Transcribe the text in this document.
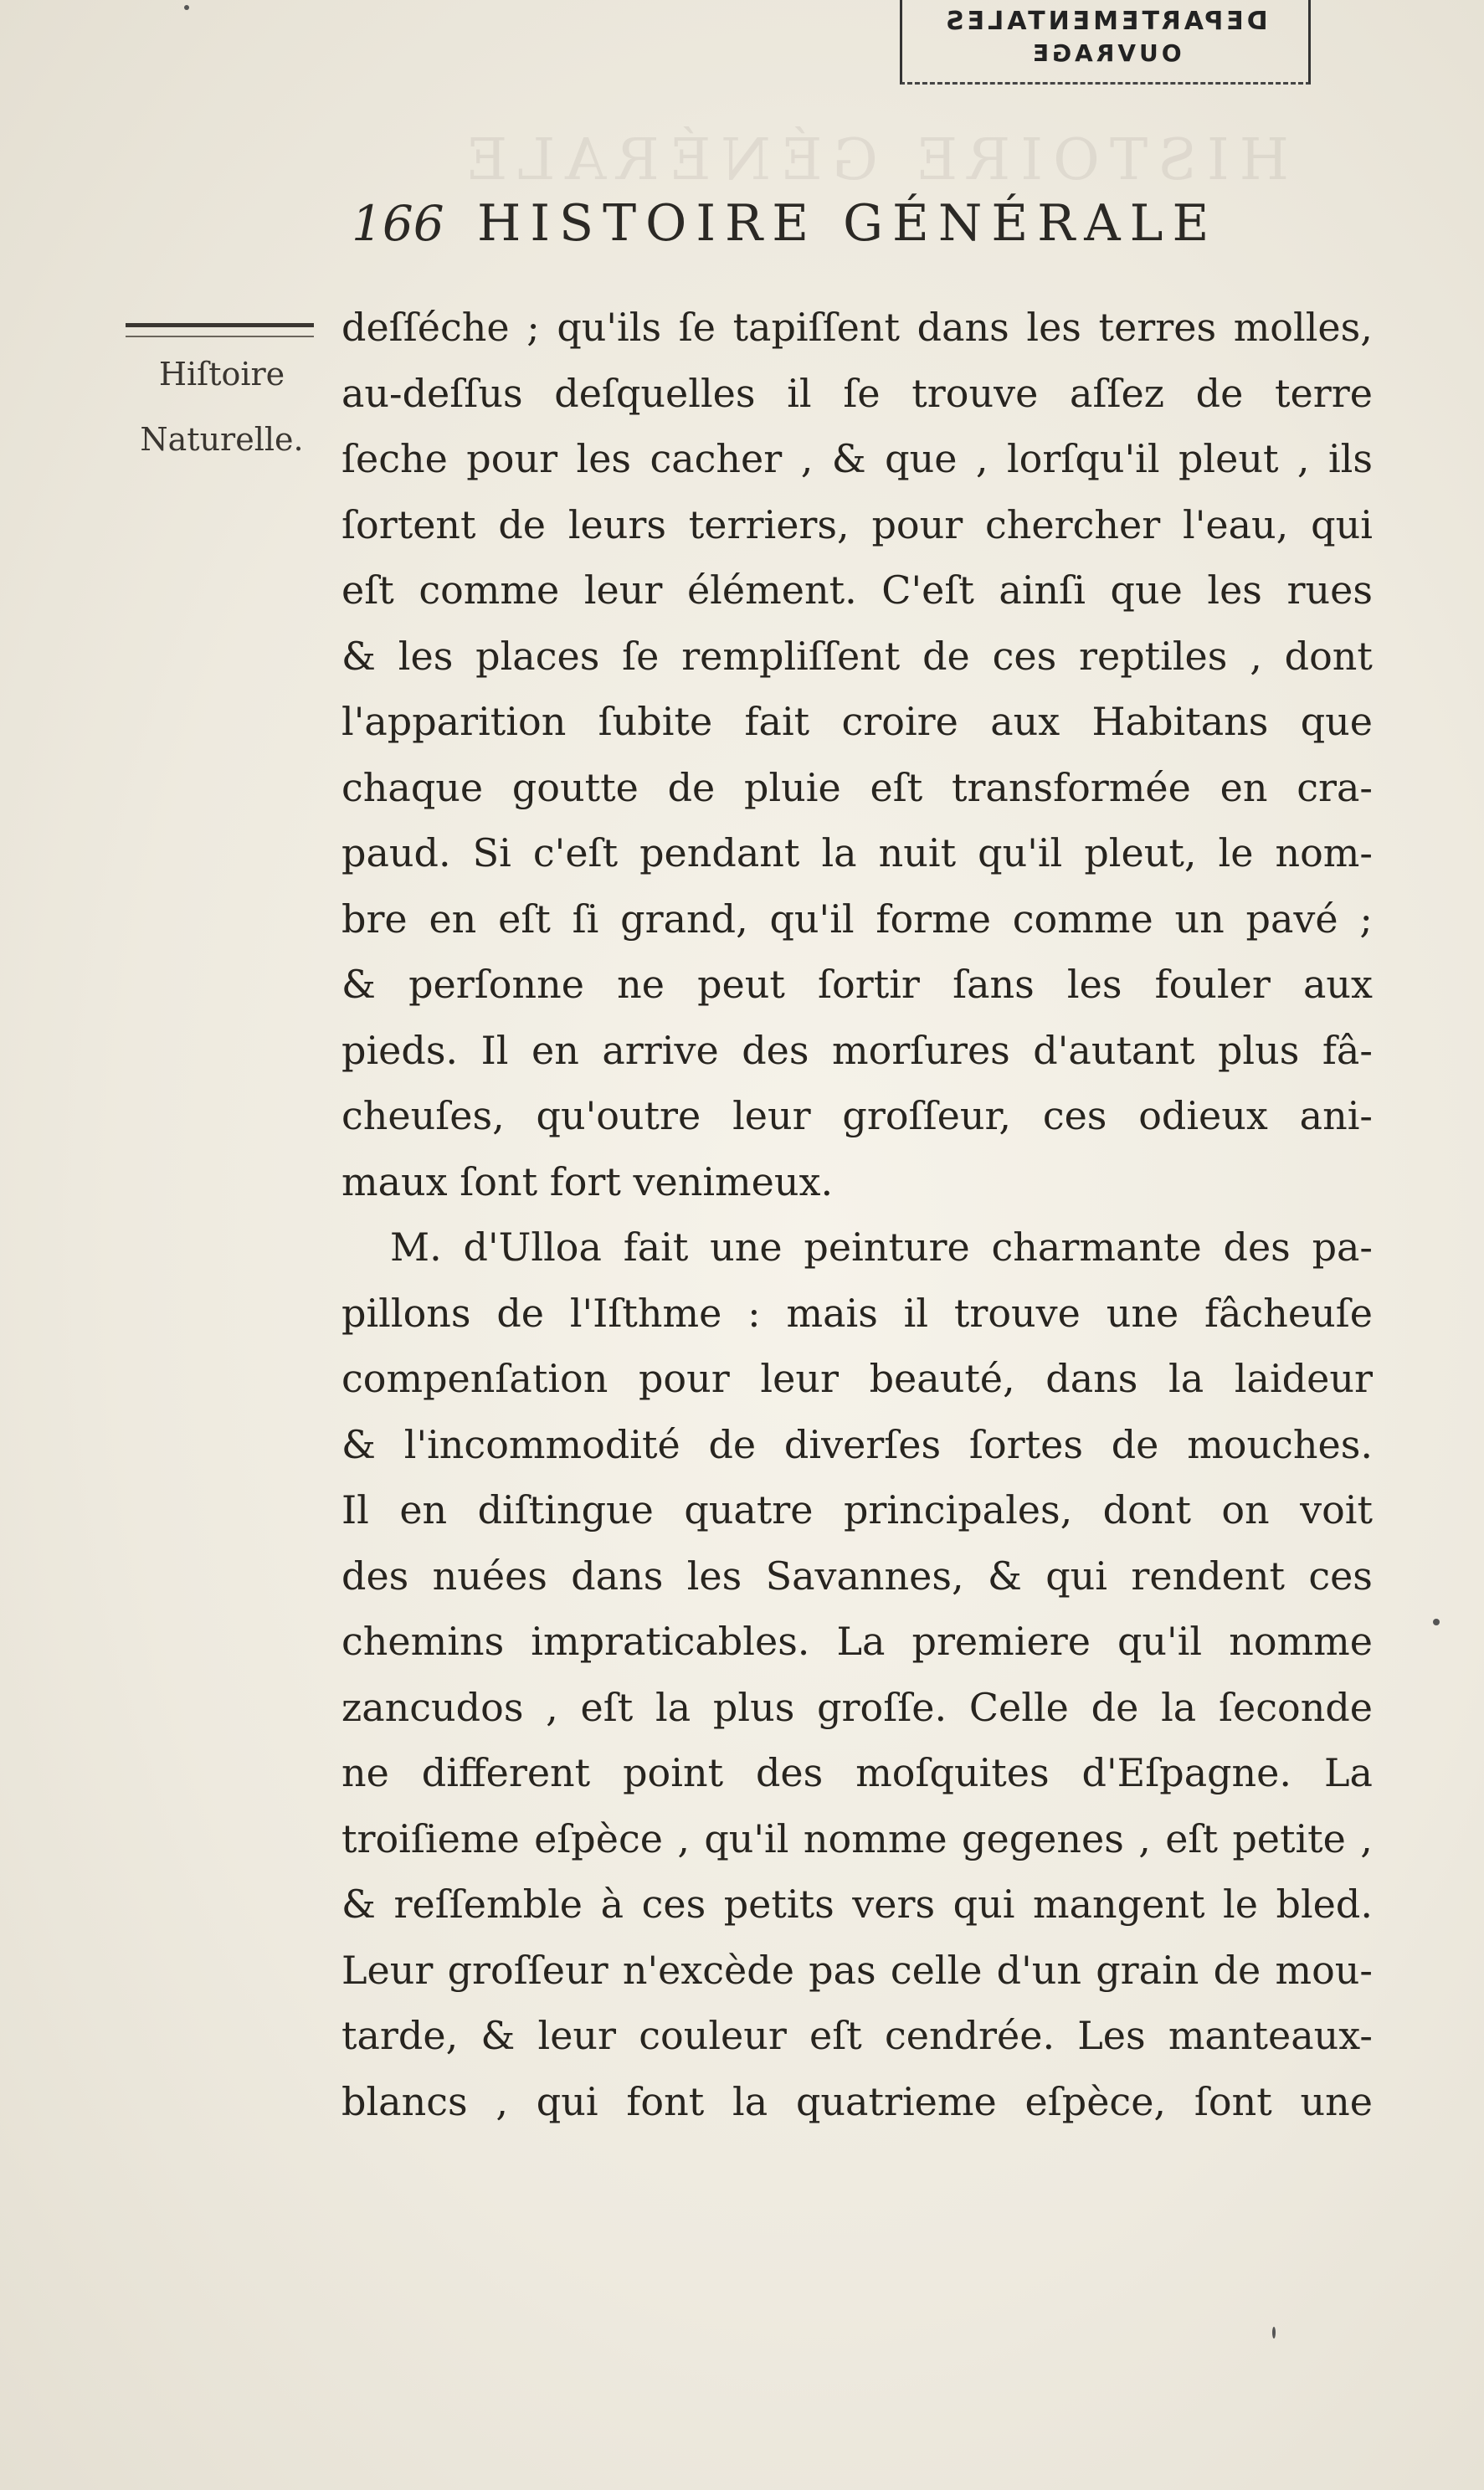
DEPARTEMENTALES
OUVRAGE
HISTOIRE GÉNÉRALE
166 HISTOIRE GÉNÉRALE
Hiſtoire
Naturelle.
deſſéche ; qu'ils ſe tapiſſent dans les terres molles,
au-deſſus deſquelles il ſe trouve aſſez de terre
ſeche pour les cacher , & que , lorſqu'il pleut , ils
ſortent de leurs terriers, pour chercher l'eau, qui
eſt comme leur élément. C'eſt ainſi que les rues
& les places ſe rempliſſent de ces reptiles , dont
l'apparition ſubite fait croire aux Habitans que
chaque goutte de pluie eſt transformée en cra-
paud. Si c'eſt pendant la nuit qu'il pleut, le nom-
bre en eſt ſi grand, qu'il forme comme un pavé ;
& perſonne ne peut ſortir ſans les fouler aux
pieds. Il en arrive des morſures d'autant plus fâ-
cheuſes, qu'outre leur groſſeur, ces odieux ani-
maux ſont fort venimeux.
M. d'Ulloa fait une peinture charmante des pa-
pillons de l'Iſthme : mais il trouve une fâcheuſe
compenſation pour leur beauté, dans la laideur
& l'incommodité de diverſes ſortes de mouches.
Il en diſtingue quatre principales, dont on voit
des nuées dans les Savannes, & qui rendent ces
chemins impraticables. La premiere qu'il nomme
zancudos , eſt la plus groſſe. Celle de la ſeconde
ne different point des moſquites d'Eſpagne. La
troiſieme eſpèce , qu'il nomme gegenes , eſt petite ,
& reſſemble à ces petits vers qui mangent le bled.
Leur groſſeur n'excède pas celle d'un grain de mou-
tarde, & leur couleur eſt cendrée. Les manteaux-
blancs , qui font la quatrieme eſpèce, ſont une
